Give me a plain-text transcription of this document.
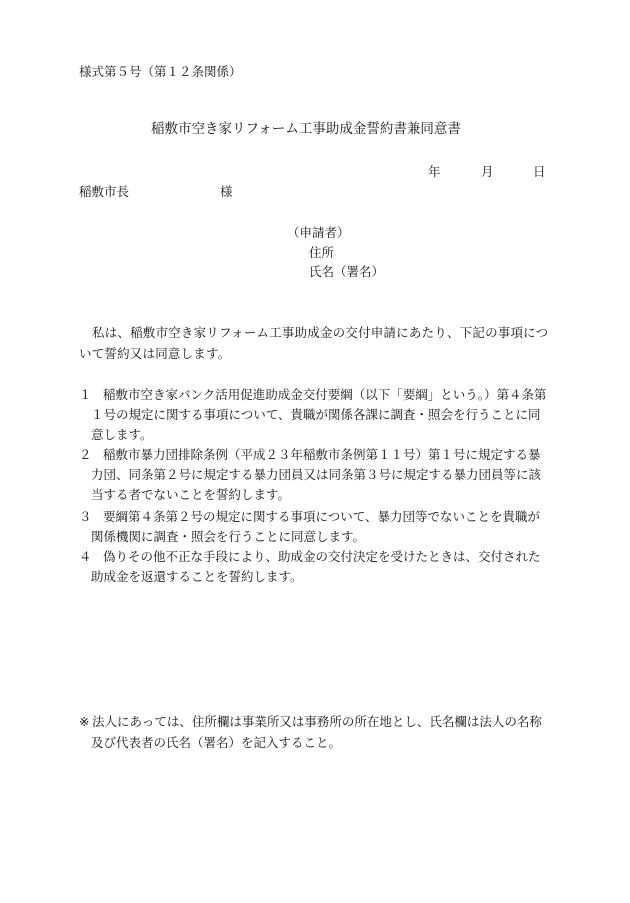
様式第５号（第１２条関係）
稲敷市空き家リフォーム工事助成金誓約書兼同意書
年	月	日
稲敷市長	様
（申請者）
住所
氏名（署名）
私は、稲敷市空き家リフォーム工事助成金の交付申請にあたり、下記の事項について誓約又は同意します。
１ 稲敷市空き家バンク活用促進助成金交付要綱（以下「要綱」という。）第４条第１号の規定に関する事項について、貴職が関係各課に調査・照会を行うことに同意します。
２ 稲敷市暴力団排除条例（平成２３年稲敷市条例第１１号）第１号に規定する暴力団、同条第２号に規定する暴力団員又は同条第３号に規定する暴力団員等に該当する者でないことを誓約します。
３ 要綱第４条第２号の規定に関する事項について、暴力団等でないことを貴職が関係機関に調査・照会を行うことに同意します。
４ 偽りその他不正な手段により、助成金の交付決定を受けたときは、交付された助成金を返還することを誓約します。
※ 法人にあっては、住所欄は事業所又は事務所の所在地とし、氏名欄は法人の名称及び代表者の氏名（署名）を記入すること。
